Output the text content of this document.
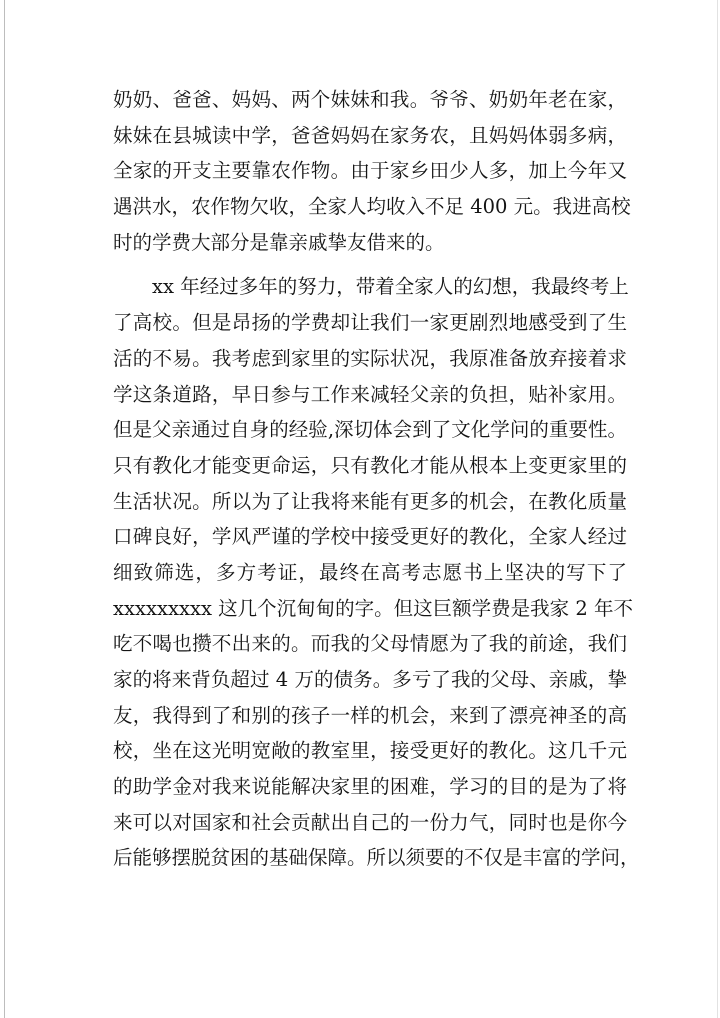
奶奶、爸爸、妈妈、两个妹妹和我。爷爷、奶奶年老在家，
妹妹在县城读中学，爸爸妈妈在家务农，且妈妈体弱多病，
全家的开支主要靠农作物。由于家乡田少人多，加上今年又
遇洪水，农作物欠收，全家人均收入不足 400 元。我进高校
时的学费大部分是靠亲戚挚友借来的。
xx 年经过多年的努力，带着全家人的幻想，我最终考上
了高校。但是昂扬的学费却让我们一家更剧烈地感受到了生
活的不易。我考虑到家里的实际状况，我原准备放弃接着求
学这条道路，早日参与工作来减轻父亲的负担，贴补家用。
但是父亲通过自身的经验,深切体会到了文化学问的重要性。
只有教化才能变更命运，只有教化才能从根本上变更家里的
生活状况。所以为了让我将来能有更多的机会，在教化质量
口碑良好，学风严谨的学校中接受更好的教化，全家人经过
细致筛选，多方考证，最终在高考志愿书上坚决的写下了
xxxxxxxxx 这几个沉甸甸的字。但这巨额学费是我家 2 年不
吃不喝也攒不出来的。而我的父母情愿为了我的前途，我们
家的将来背负超过 4 万的债务。多亏了我的父母、亲戚，挚
友，我得到了和别的孩子一样的机会，来到了漂亮神圣的高
校，坐在这光明宽敞的教室里，接受更好的教化。这几千元
的助学金对我来说能解决家里的困难，学习的目的是为了将
来可以对国家和社会贡献出自己的一份力气，同时也是你今
后能够摆脱贫困的基础保障。所以须要的不仅是丰富的学问，
